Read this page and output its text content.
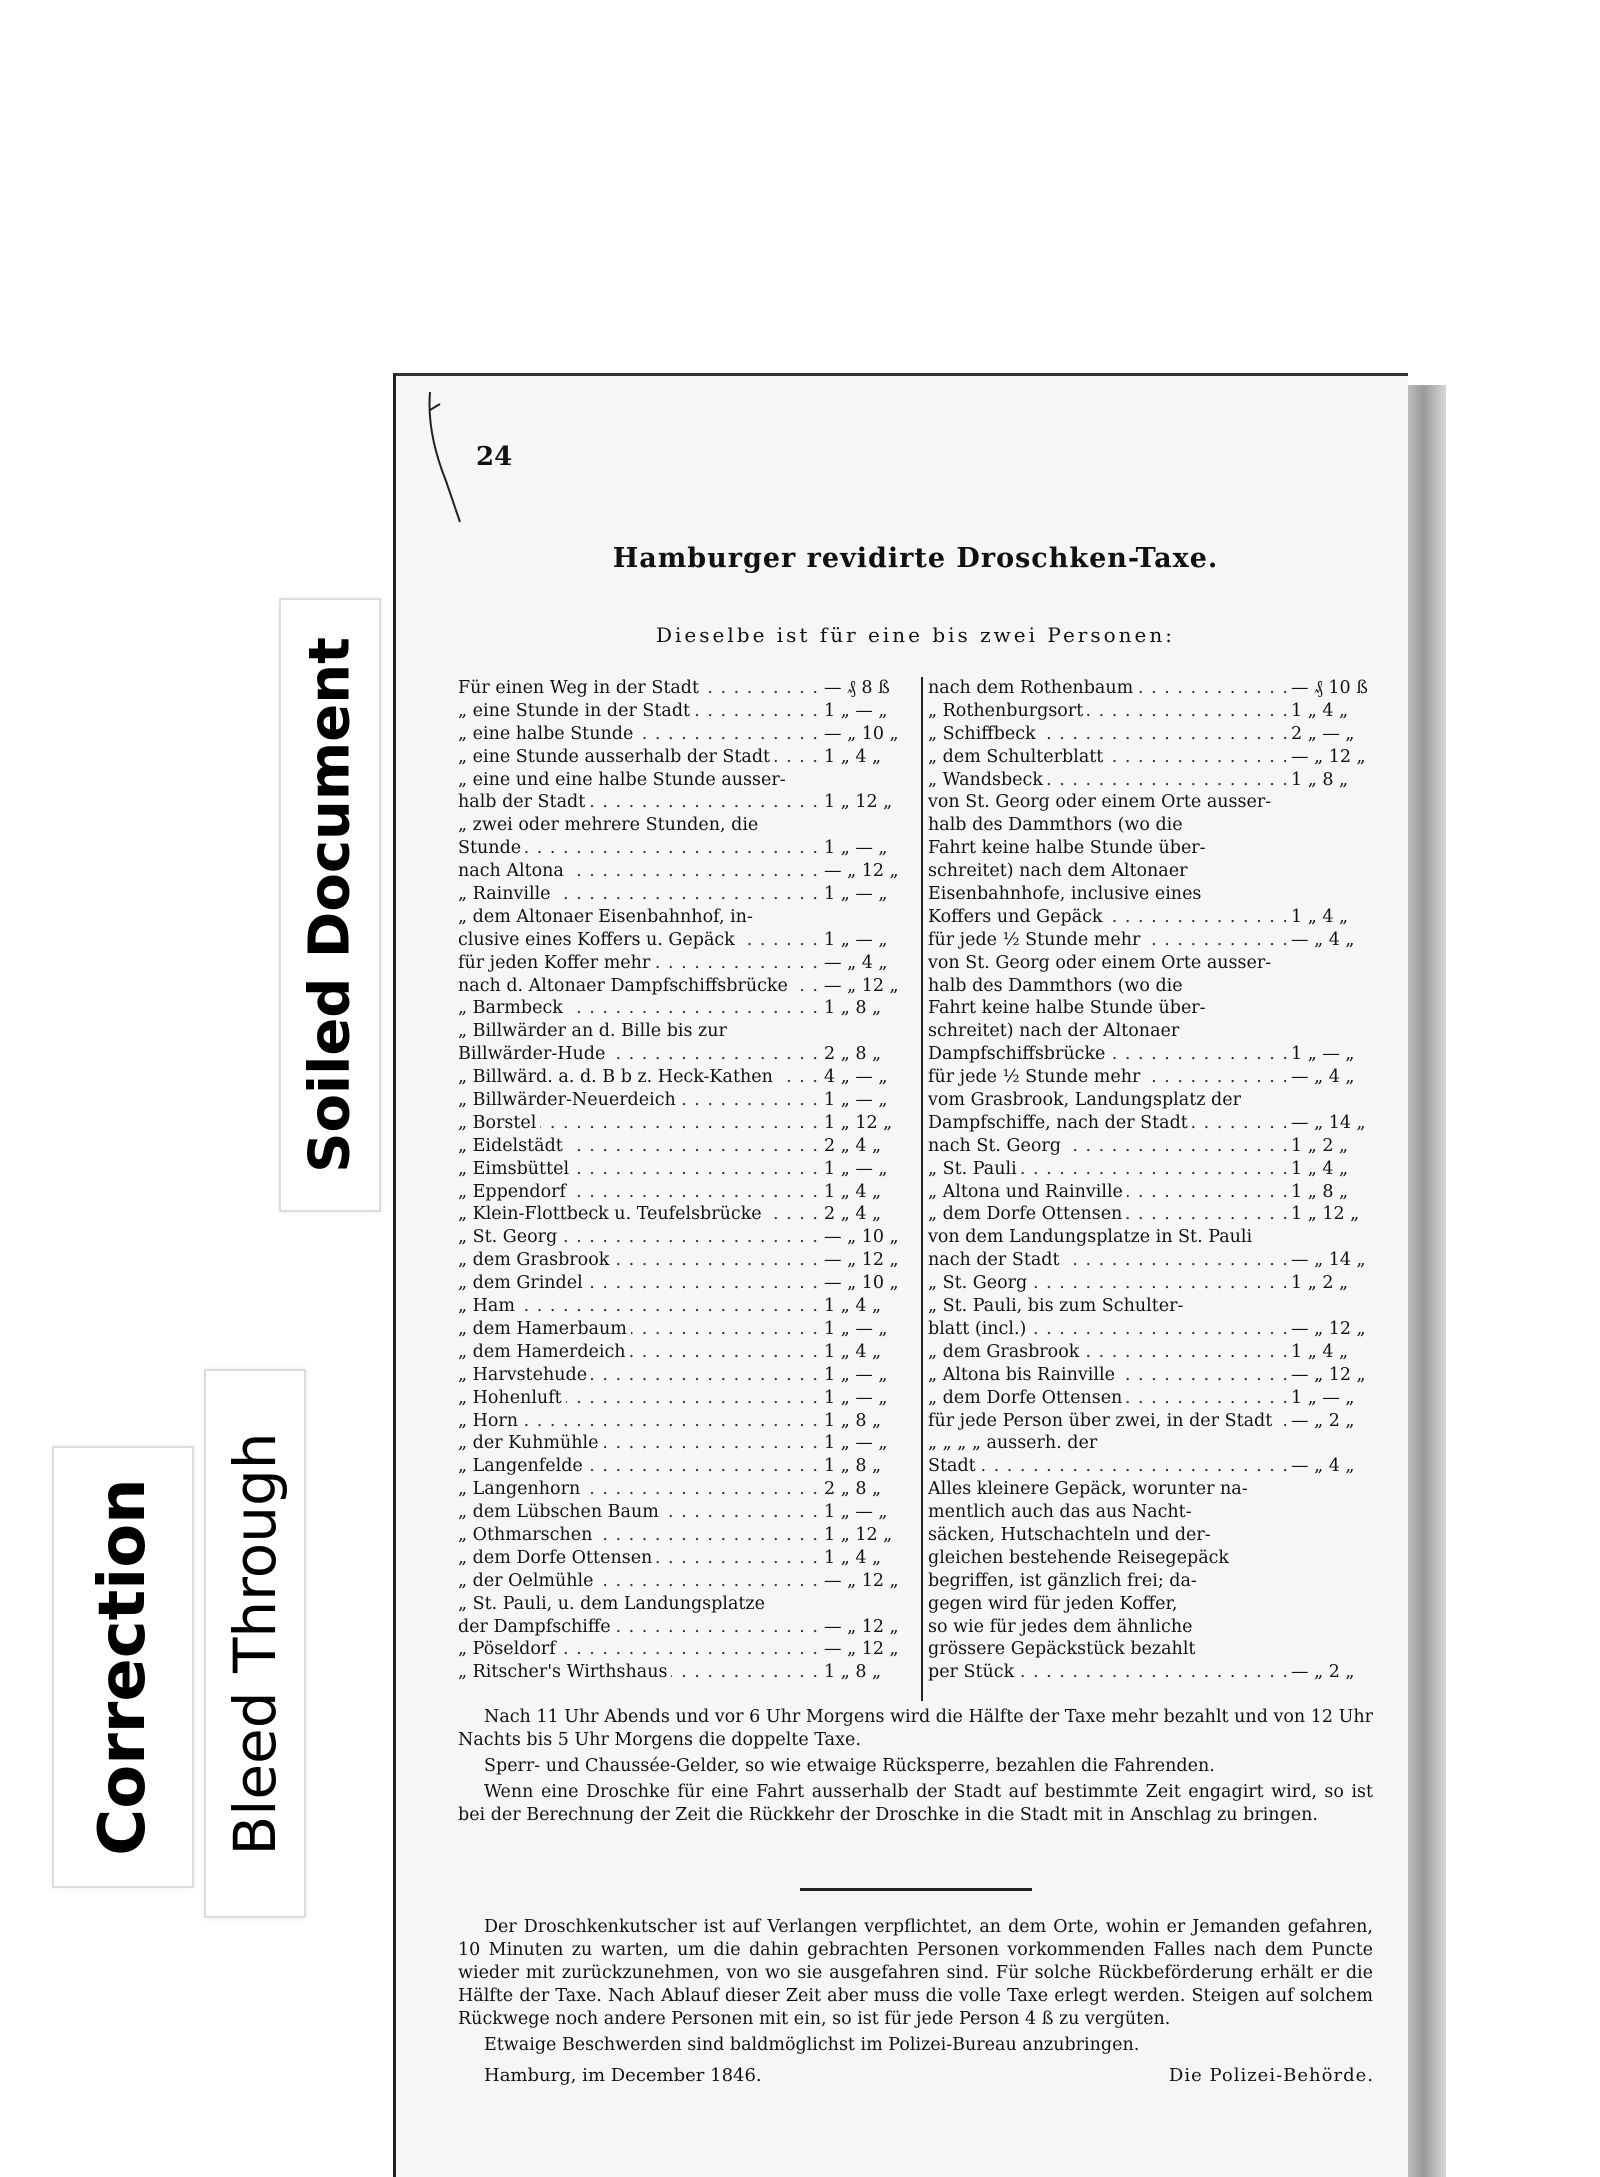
Correction Bleed Through
Soiled Document
24
Hamburger revidirte Droschken-Taxe.
Dieselbe ist für eine bis zwei Personen:
Für einen Weg in der Stadt . . .	— ₰ 8 ß
„ eine Stunde in der Stadt . . .	1 „ — „
„ eine halbe Stunde . . .	— „ 10 „
„ eine Stunde ausserhalb der Stadt . . .	1 „ 4 „
„ eine und eine halbe Stunde ausser-
halb der Stadt . . .	1 „ 12 „
„ zwei oder mehrere Stunden, die
Stunde . . .	1 „ — „
nach Altona . . .	— „ 12 „
„ Rainville . . .	1 „ — „
„ dem Altonaer Eisenbahnhof, in-
clusive eines Koffers u. Gepäck . . .	1 „ — „
für jeden Koffer mehr . . .	— „ 4 „
nach d. Altonaer Dampfschiffsbrücke . . .	— „ 12 „
„ Barmbeck . . .	1 „ 8 „
„ Billwärder an d. Bille bis zur
Billwärder-Hude . . .	2 „ 8 „
„ Billwärd. a. d. B b z. Heck-Kathen . . .	4 „ — „
„ Billwärder-Neuerdeich . . .	1 „ — „
„ Borstel . . .	1 „ 12 „
„ Eidelstädt . . .	2 „ 4 „
„ Eimsbüttel . . .	1 „ — „
„ Eppendorf . . .	1 „ 4 „
„ Klein-Flottbeck u. Teufelsbrücke . . .	2 „ 4 „
„ St. Georg . . .	— „ 10 „
„ dem Grasbrook . . .	— „ 12 „
„ dem Grindel . . .	— „ 10 „
„ Ham . . .	1 „ 4 „
„ dem Hamerbaum . . .	1 „ — „
„ dem Hamerdeich . . .	1 „ 4 „
„ Harvstehude . . .	1 „ — „
„ Hohenluft . . .	1 „ — „
„ Horn . . .	1 „ 8 „
„ der Kuhmühle . . .	1 „ — „
„ Langenfelde . . .	1 „ 8 „
„ Langenhorn . . .	2 „ 8 „
„ dem Lübschen Baum . . .	1 „ — „
„ Othmarschen . . .	1 „ 12 „
„ dem Dorfe Ottensen . . .	1 „ 4 „
„ der Oelmühle . . .	— „ 12 „
„ St. Pauli, u. dem Landungsplatze
der Dampfschiffe . . .	— „ 12 „
„ Pöseldorf . . .	— „ 12 „
„ Ritscher's Wirthshaus . . .	1 „ 8 „
nach dem Rothenbaum . . .	— ₰ 10 ß
„ Rothenburgsort . . .	1 „ 4 „
„ Schiffbeck . . .	2 „ — „
„ dem Schulterblatt . . .	— „ 12 „
„ Wandsbeck . . .	1 „ 8 „
von St. Georg oder einem Orte ausser-
halb des Dammthors (wo die
Fahrt keine halbe Stunde über-
schreitet) nach dem Altonaer
Eisenbahnhofe, inclusive eines
Koffers und Gepäck . . .	1 „ 4 „
für jede ½ Stunde mehr . . .	— „ 4 „
von St. Georg oder einem Orte ausser-
halb des Dammthors (wo die
Fahrt keine halbe Stunde über-
schreitet) nach der Altonaer
Dampfschiffsbrücke . . .	1 „ — „
für jede ½ Stunde mehr . . .	— „ 4 „
vom Grasbrook, Landungsplatz der
Dampfschiffe, nach der Stadt . . .	— „ 14 „
nach St. Georg . . .	1 „ 2 „
„ St. Pauli . . .	1 „ 4 „
„ Altona und Rainville . . .	1 „ 8 „
„ dem Dorfe Ottensen . . .	1 „ 12 „
von dem Landungsplatze in St. Pauli
nach der Stadt . . .	— „ 14 „
„ St. Georg . . .	1 „ 2 „
„ St. Pauli, bis zum Schulter-
blatt (incl.) . . .	— „ 12 „
„ dem Grasbrook . . .	1 „ 4 „
„ Altona bis Rainville . . .	— „ 12 „
„ dem Dorfe Ottensen . . .	1 „ — „
für jede Person über zwei, in der Stadt . . .	— „ 2 „
„ „ „ „ ausserh. der
Stadt . . .	— „ 4 „
Alles kleinere Gepäck, worunter na-
mentlich auch das aus Nacht-
säcken, Hutschachteln und der-
gleichen bestehende Reisegepäck
begriffen, ist gänzlich frei; da-
gegen wird für jeden Koffer,
so wie für jedes dem ähnliche
grössere Gepäckstück bezahlt
per Stück . . .	— „ 2 „

Nach 11 Uhr Abends und vor 6 Uhr Morgens wird die Hälfte der Taxe mehr bezahlt und von 12 Uhr Nachts bis 5 Uhr Morgens die doppelte Taxe.

Sperr- und Chaussée-Gelder, so wie etwaige Rücksperre, bezahlen die Fahrenden.

Wenn eine Droschke für eine Fahrt ausserhalb der Stadt auf bestimmte Zeit engagirt wird, so ist bei der Berechnung der Zeit die Rückkehr der Droschke in die Stadt mit in Anschlag zu bringen.

Der Droschkenkutscher ist auf Verlangen verpflichtet, an dem Orte, wohin er Jemanden gefahren, 10 Minuten zu warten, um die dahin gebrachten Personen vorkommenden Falles nach dem Puncte wieder mit zurückzunehmen, von wo sie ausgefahren sind. Für solche Rückbeförderung erhält er die Hälfte der Taxe. Nach Ablauf dieser Zeit aber muss die volle Taxe erlegt werden. Steigen auf solchem Rückwege noch andere Personen mit ein, so ist für jede Person 4 ß zu vergüten.

Etwaige Beschwerden sind baldmöglichst im Polizei-Bureau anzubringen.

Hamburg, im December 1846.	Die Polizei-Behörde.
